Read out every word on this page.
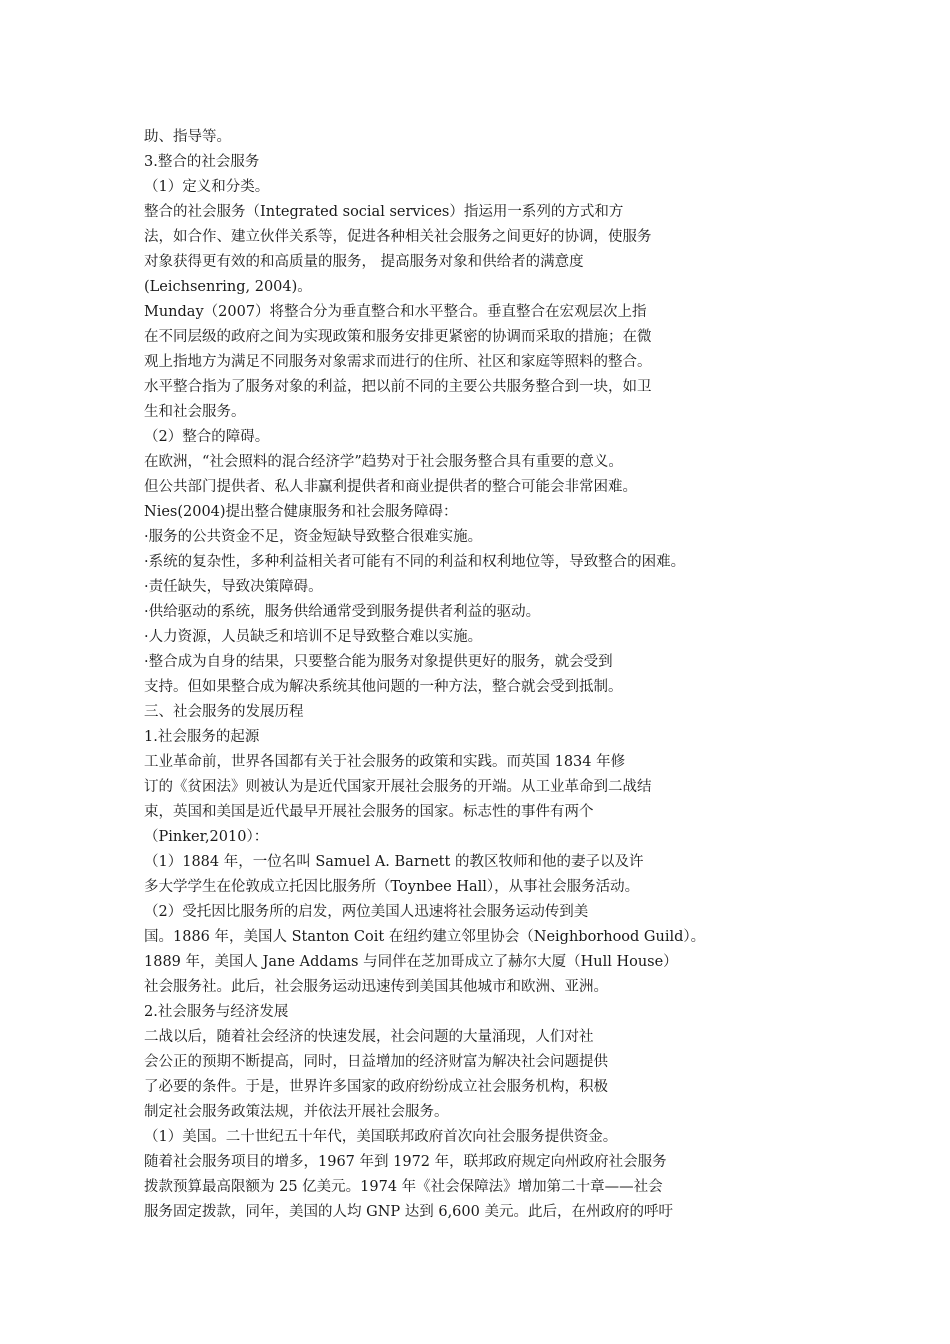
助、指导等。
3.整合的社会服务
（1）定义和分类。
整合的社会服务（Integrated social services）指运用一系列的方式和方
法，如合作、建立伙伴关系等，促进各种相关社会服务之间更好的协调，使服务
对象获得更有效的和高质量的服务， 提高服务对象和供给者的满意度
(Leichsenring, 2004)。
Munday（2007）将整合分为垂直整合和水平整合。垂直整合在宏观层次上指
在不同层级的政府之间为实现政策和服务安排更紧密的协调而采取的措施；在微
观上指地方为满足不同服务对象需求而进行的住所、社区和家庭等照料的整合。
水平整合指为了服务对象的利益，把以前不同的主要公共服务整合到一块，如卫
生和社会服务。
（2）整合的障碍。
在欧洲，“社会照料的混合经济学”趋势对于社会服务整合具有重要的意义。
但公共部门提供者、私人非赢利提供者和商业提供者的整合可能会非常困难。
Nies(2004)提出整合健康服务和社会服务障碍：
·服务的公共资金不足，资金短缺导致整合很难实施。
·系统的复杂性，多种利益相关者可能有不同的利益和权利地位等，导致整合的困难。
·责任缺失，导致决策障碍。
·供给驱动的系统，服务供给通常受到服务提供者利益的驱动。
·人力资源，人员缺乏和培训不足导致整合难以实施。
·整合成为自身的结果，只要整合能为服务对象提供更好的服务，就会受到
支持。但如果整合成为解决系统其他问题的一种方法，整合就会受到抵制。
三、社会服务的发展历程
1.社会服务的起源
工业革命前，世界各国都有关于社会服务的政策和实践。而英国 1834 年修
订的《贫困法》则被认为是近代国家开展社会服务的开端。从工业革命到二战结
束，英国和美国是近代最早开展社会服务的国家。标志性的事件有两个
（Pinker,2010）：
（1）1884 年，一位名叫 Samuel A. Barnett 的教区牧师和他的妻子以及许
多大学学生在伦敦成立托因比服务所（Toynbee Hall），从事社会服务活动。
（2）受托因比服务所的启发，两位美国人迅速将社会服务运动传到美
国。1886 年，美国人 Stanton Coit 在纽约建立邻里协会（Neighborhood Guild）。
1889 年，美国人 Jane Addams 与同伴在芝加哥成立了赫尔大厦（Hull House）
社会服务社。此后，社会服务运动迅速传到美国其他城市和欧洲、亚洲。
2.社会服务与经济发展
二战以后，随着社会经济的快速发展，社会问题的大量涌现，人们对社
会公正的预期不断提高，同时，日益增加的经济财富为解决社会问题提供
了必要的条件。于是，世界许多国家的政府纷纷成立社会服务机构，积极
制定社会服务政策法规，并依法开展社会服务。
（1）美国。二十世纪五十年代，美国联邦政府首次向社会服务提供资金。
随着社会服务项目的增多，1967 年到 1972 年，联邦政府规定向州政府社会服务
拨款预算最高限额为 25 亿美元。1974 年《社会保障法》增加第二十章——社会
服务固定拨款，同年，美国的人均 GNP 达到 6,600 美元。此后，在州政府的呼吁
